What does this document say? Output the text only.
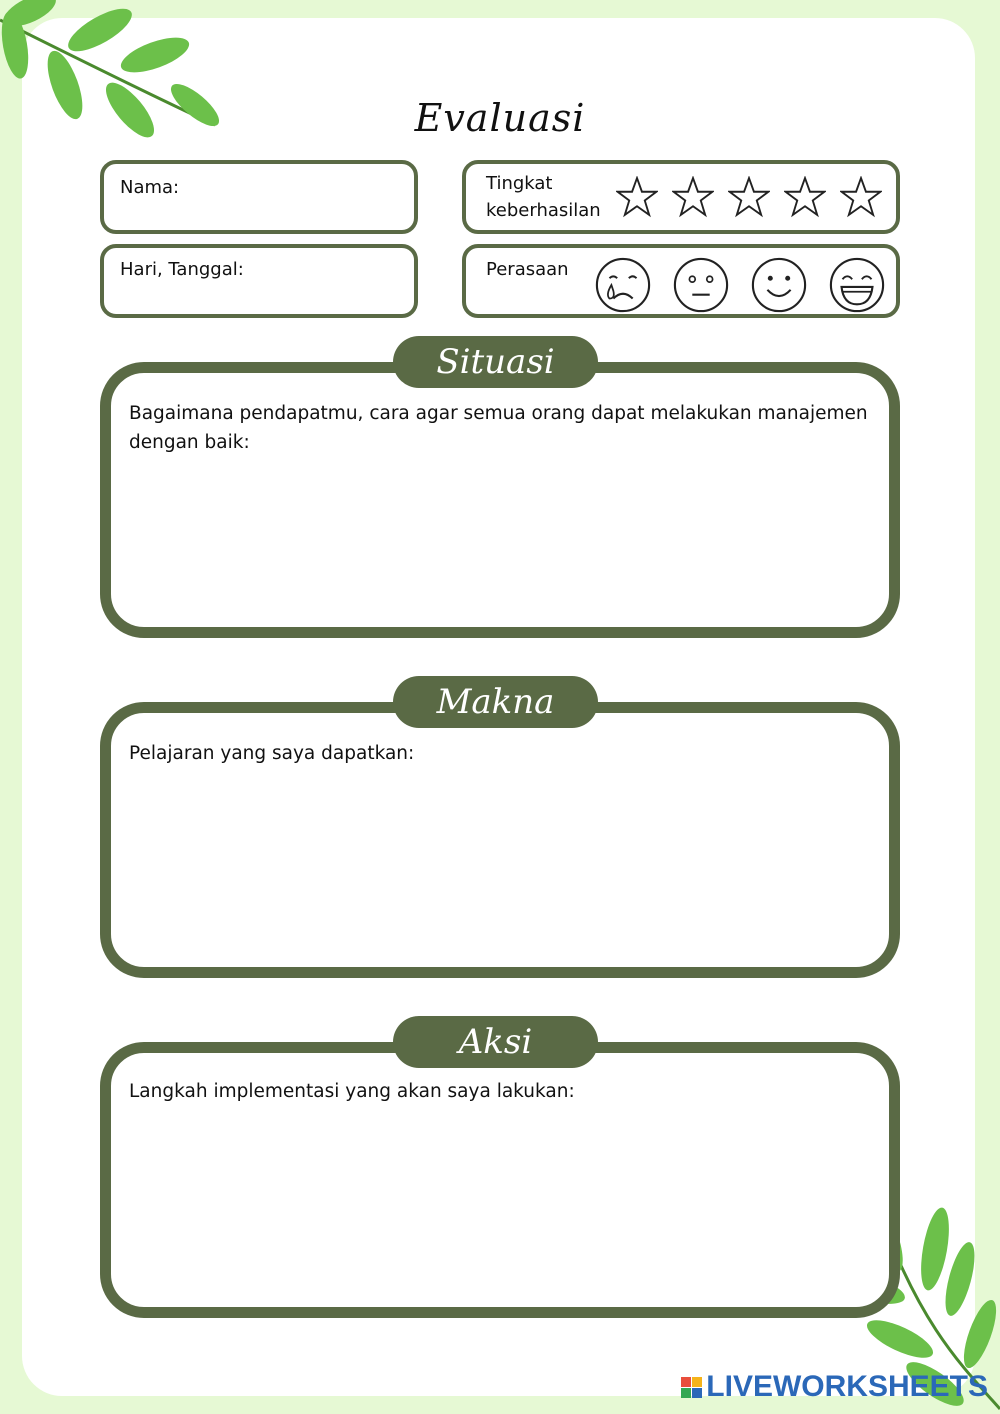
Evaluasi
Nama:
Hari, Tanggal:
Tingkat
keberhasilan
Perasaan
Bagaimana pendapatmu, cara agar semua orang dapat melakukan manajemen dengan baik:
Situasi
Pelajaran yang saya dapatkan:
Makna
Langkah implementasi yang akan saya lakukan:
Aksi
LIVEWORKSHEETS
